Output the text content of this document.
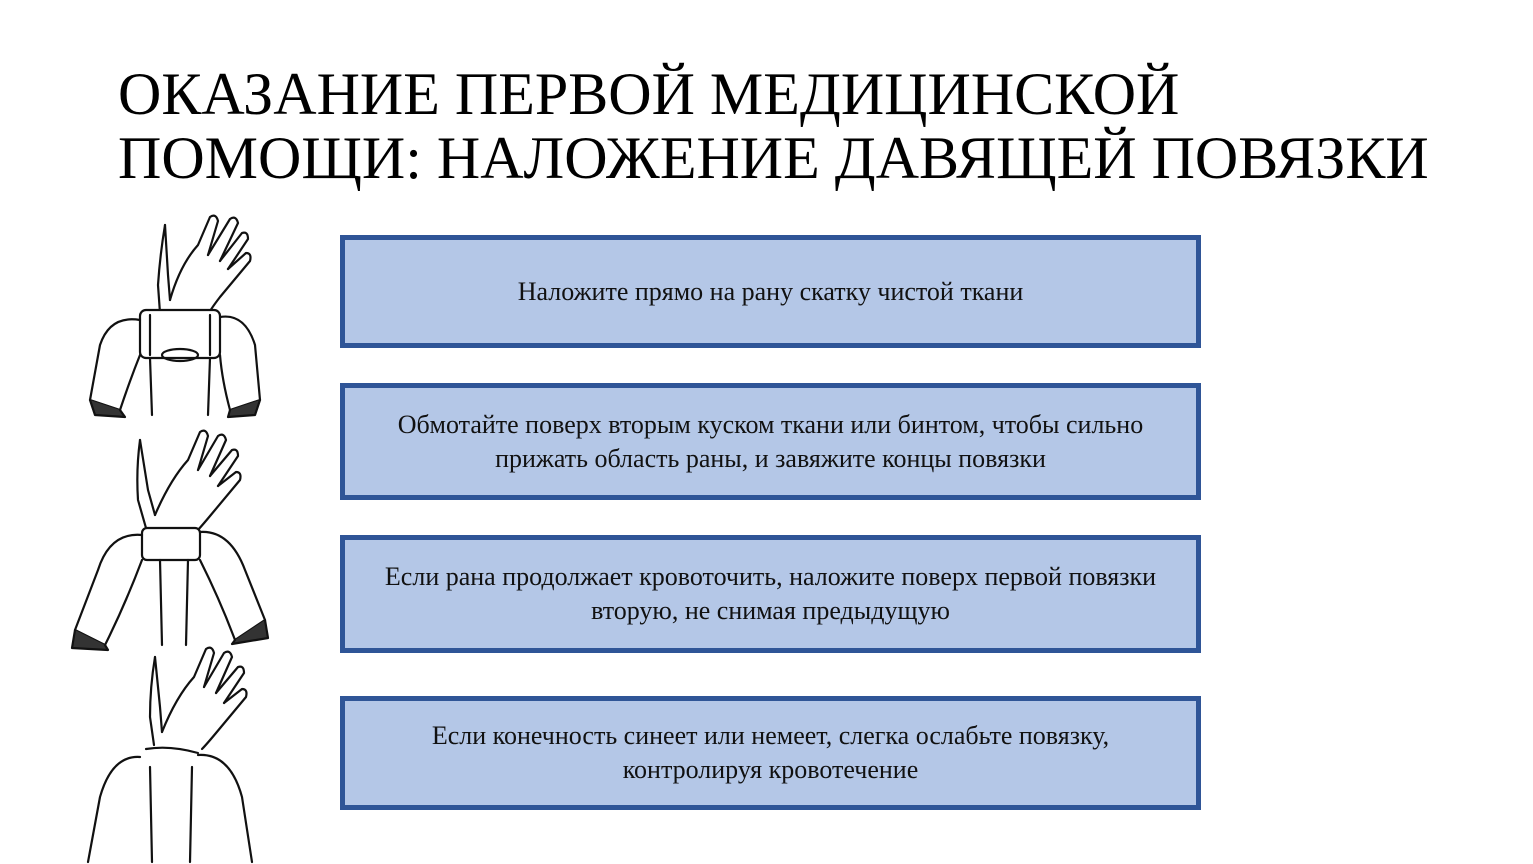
ОКАЗАНИЕ ПЕРВОЙ МЕДИЦИНСКОЙ
ПОМОЩИ: НАЛОЖЕНИЕ ДАВЯЩЕЙ ПОВЯЗКИ
Наложите прямо на рану скатку чистой ткани
Обмотайте поверх вторым куском ткани или бинтом, чтобы сильно прижать область раны, и завяжите концы повязки
Если рана продолжает кровоточить, наложите поверх первой повязки вторую, не снимая предыдущую
Если конечность синеет или немеет, слегка ослабьте повязку, контролируя кровотечение
